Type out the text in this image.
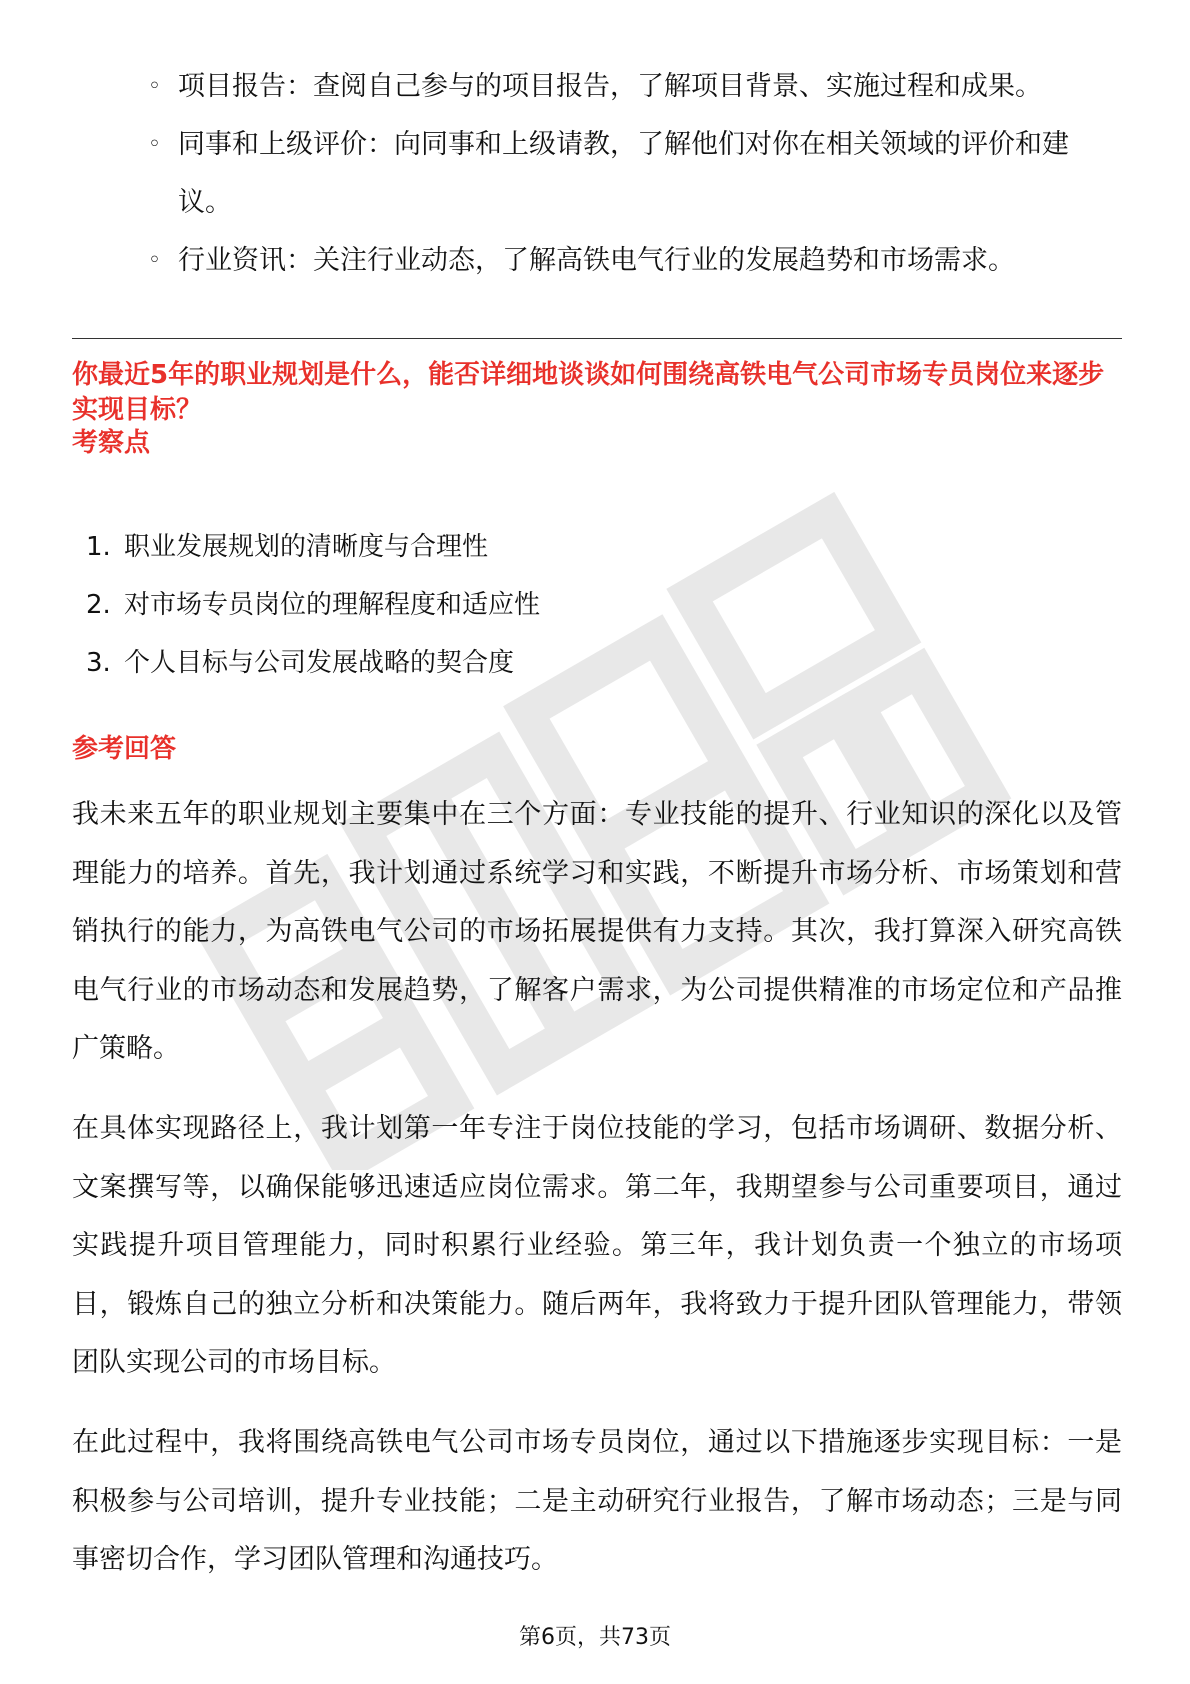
◦ 项目报告：查阅自己参与的项目报告，了解项目背景、实施过程和成果。
◦ 同事和上级评价：向同事和上级请教，了解他们对你在相关领域的评价和建议。
◦ 行业资讯：关注行业动态，了解高铁电气行业的发展趋势和市场需求。
你最近5年的职业规划是什么，能否详细地谈谈如何围绕高铁电气公司市场专员岗位来逐步实现目标？
考察点
1. 职业发展规划的清晰度与合理性
2. 对市场专员岗位的理解程度和适应性
3. 个人目标与公司发展战略的契合度
参考回答
我未来五年的职业规划主要集中在三个方面：专业技能的提升、行业知识的深化以及管理能力的培养。首先，我计划通过系统学习和实践，不断提升市场分析、市场策划和营销执行的能力，为高铁电气公司的市场拓展提供有力支持。其次，我打算深入研究高铁电气行业的市场动态和发展趋势，了解客户需求，为公司提供精准的市场定位和产品推广策略。
在具体实现路径上，我计划第一年专注于岗位技能的学习，包括市场调研、数据分析、文案撰写等，以确保能够迅速适应岗位需求。第二年，我期望参与公司重要项目，通过实践提升项目管理能力，同时积累行业经验。第三年，我计划负责一个独立的市场项目，锻炼自己的独立分析和决策能力。随后两年，我将致力于提升团队管理能力，带领团队实现公司的市场目标。
在此过程中，我将围绕高铁电气公司市场专员岗位，通过以下措施逐步实现目标：一是积极参与公司培训，提升专业技能；二是主动研究行业报告，了解市场动态；三是与同事密切合作，学习团队管理和沟通技巧。
第6页，共73页
